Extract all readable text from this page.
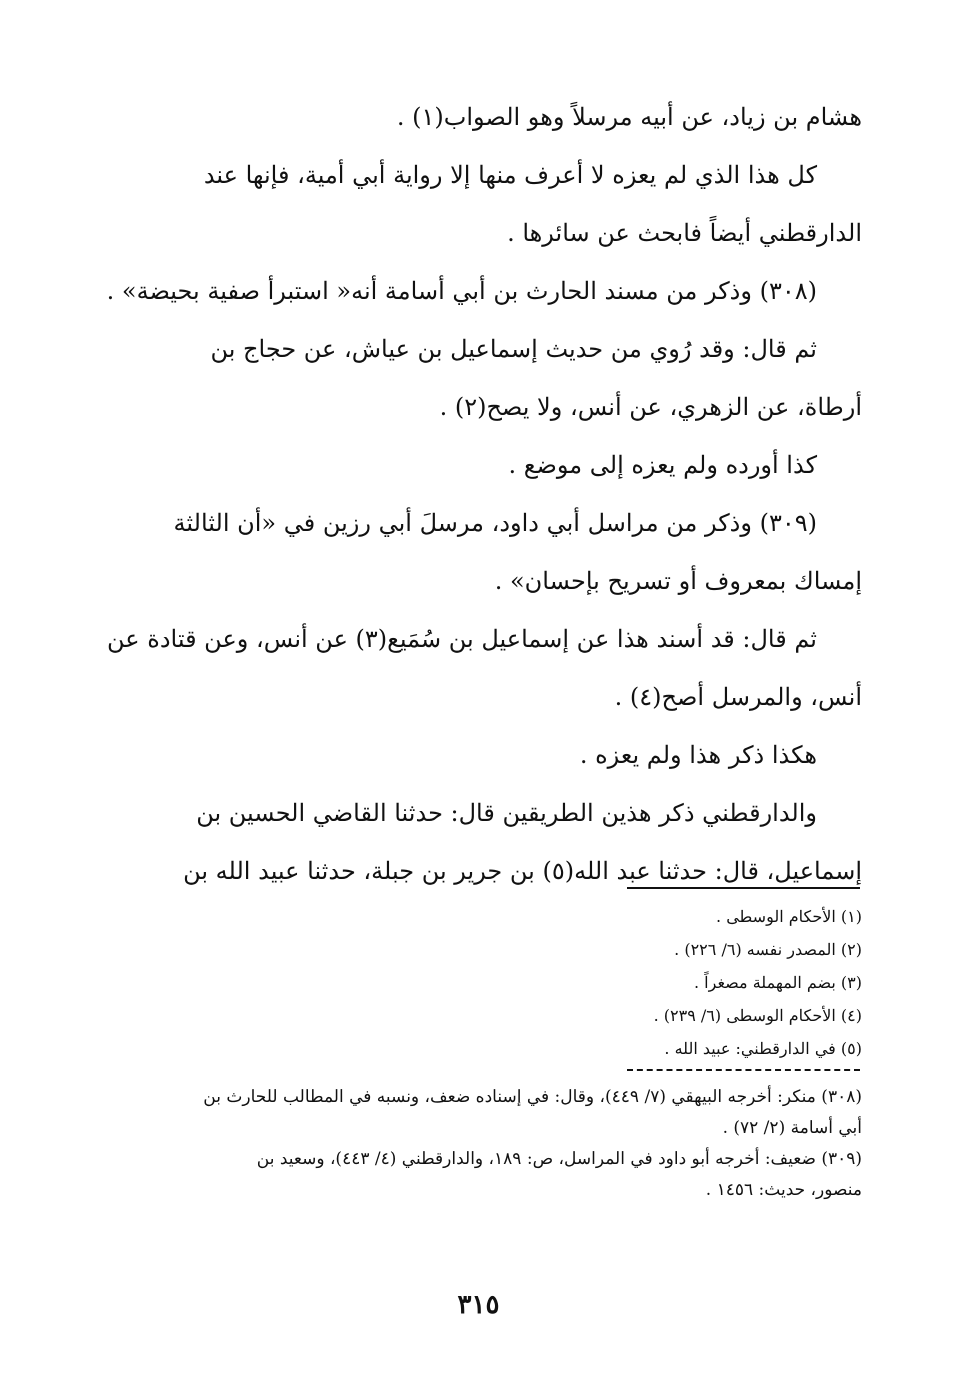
هشام بن زياد، عن أبيه مرسلاً وهو الصواب(١) .
كل هذا الذي لم يعزه لا أعرف منها إلا رواية أبي أمية، فإنها عند
الدارقطني أيضاً فابحث عن سائرها .
(٣٠٨) وذكر من مسند الحارث بن أبي أسامة أنه« استبرأ صفية بحيضة» .
ثم قال: وقد رُوي من حديث إسماعيل بن عياش، عن حجاج بن
أرطاة، عن الزهري، عن أنس، ولا يصح(٢) .
كذا أورده ولم يعزه إلى موضع .
(٣٠٩) وذكر من مراسل أبي داود، مرسلَ أبي رزين في «أن الثالثة
إمساك بمعروف أو تسريح بإحسان» .
ثم قال: قد أسند هذا عن إسماعيل بن سُمَيع(٣) عن أنس، وعن قتادة عن
أنس، والمرسل أصح(٤) .
هكذا ذكر هذا ولم يعزه .
والدارقطني ذكر هذين الطريقين قال: حدثنا القاضي الحسين بن
إسماعيل، قال: حدثنا عبد الله(٥) بن جرير بن جبلة، حدثنا عبيد الله بن
(١) الأحكام الوسطى .
(٢) المصدر نفسه (٦/ ٢٢٦) .
(٣) بضم المهملة مصغراً .
(٤) الأحكام الوسطى (٦/ ٢٣٩) .
(٥) في الدارقطني: عبيد الله .
(٣٠٨) منكر: أخرجه البيهقي (٧/ ٤٤٩)، وقال: في إسناده ضعف، ونسبه في المطالب للحارث بن
أبي أسامة (٢/ ٧٢) .
(٣٠٩) ضعيف: أخرجه أبو داود في المراسل، ص: ١٨٩، والدارقطني (٤/ ٤٤٣)، وسعيد بن
منصور، حديث: ١٤٥٦ .
٣١٥
